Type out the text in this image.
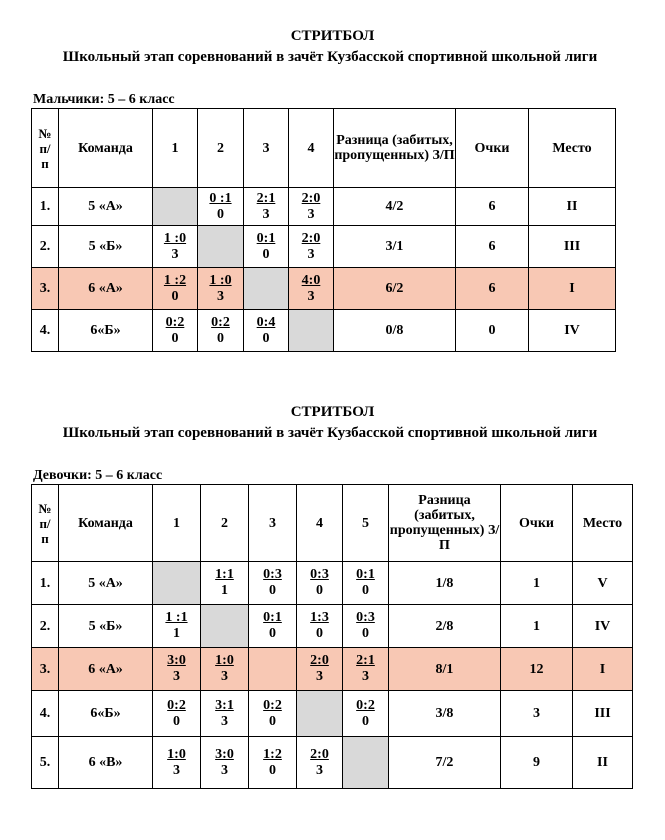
СТРИТБОЛ
Школьный этап соревнований в зачёт Кузбасской спортивной школьной лиги
Мальчики: 5 – 6 класс
№
п/
п	Команда	1	2	3	4	Разница (забитых, пропущенных) З/П	Очки	Место
1.	5 «А»		$\frac{0 :1}{0}$	$\frac{2:1}{3}$	$\frac{2:0}{3}$	4/2	6	II
2.	5 «Б»	$\frac{1 :0}{3}$		$\frac{0:1}{0}$	$\frac{2:0}{3}$	3/1	6	III
3.	6 «А»	$\frac{1 :2}{0}$	$\frac{1 :0}{3}$		$\frac{4:0}{3}$	6/2	6	I
4.	6«Б»	$\frac{0:2}{0}$	$\frac{0:2}{0}$	$\frac{0:4}{0}$		0/8	0	IV
СТРИТБОЛ
Школьный этап соревнований в зачёт Кузбасской спортивной школьной лиги
Девочки: 5 – 6 класс
№
п/
п	Команда	1	2	3	4	5	Разница (забитых, пропущенных) З/П	Очки	Место
1.	5 «А»		$\frac{1:1}{1}$	$\frac{0:3}{0}$	$\frac{0:3}{0}$	$\frac{0:1}{0}$	1/8	1	V
2.	5 «Б»	$\frac{1 :1}{1}$		$\frac{0:1}{0}$	$\frac{1:3}{0}$	$\frac{0:3}{0}$	2/8	1	IV
3.	6 «А»	$\frac{3:0}{3}$	$\frac{1:0}{3}$		$\frac{2:0}{3}$	$\frac{2:1}{3}$	8/1	12	I
4.	6«Б»	$\frac{0:2}{0}$	$\frac{3:1}{3}$	$\frac{0:2}{0}$		$\frac{0:2}{0}$	3/8	3	III
5.	6 «В»	$\frac{1:0}{3}$	$\frac{3:0}{3}$	$\frac{1:2}{0}$	$\frac{2:0}{3}$		7/2	9	II
